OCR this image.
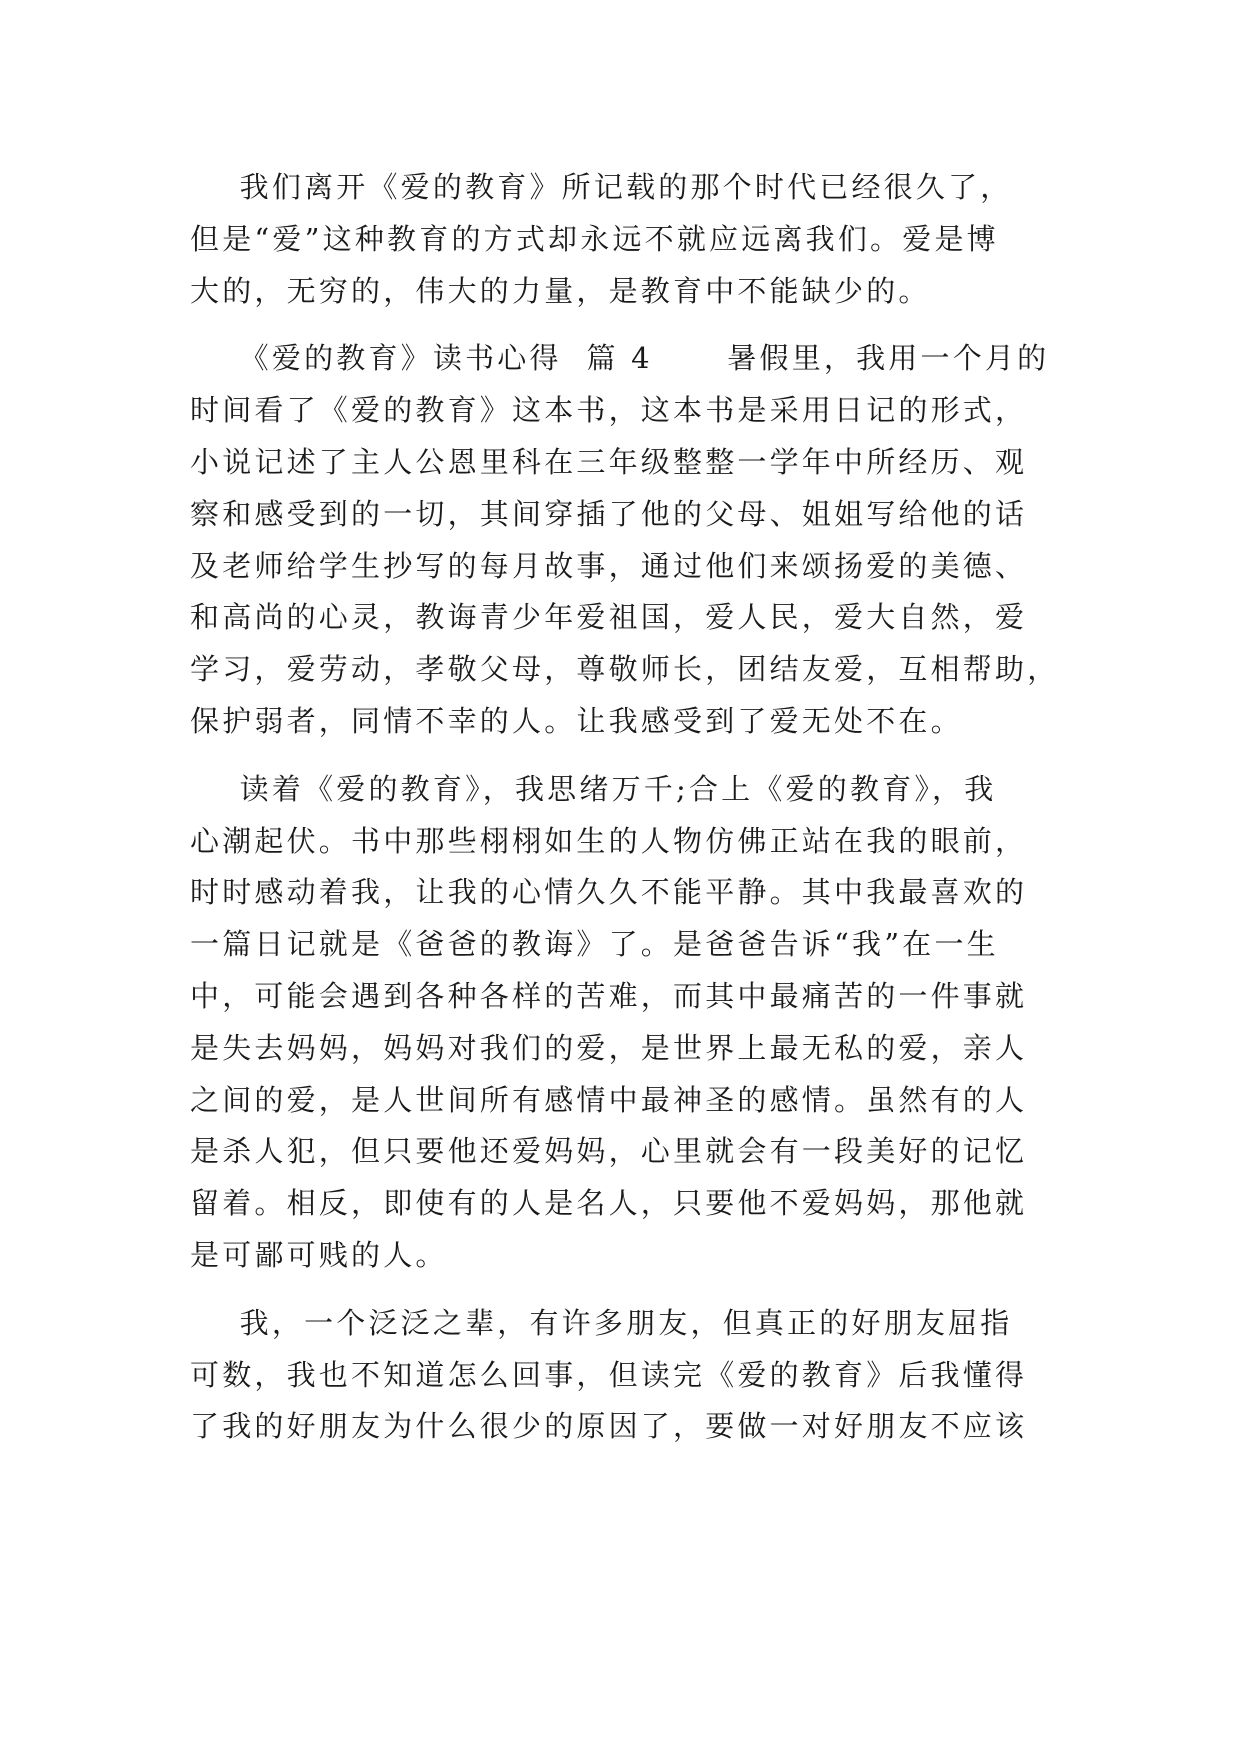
我们离开《爱的教育》所记载的那个时代已经很久了，
但是“爱”这种教育的方式却永远不就应远离我们。爱是博
大的，无穷的，伟大的力量，是教育中不能缺少的。
《爱的教育》读书心得  篇 4      暑假里，我用一个月的
时间看了《爱的教育》这本书，这本书是采用日记的形式，
小说记述了主人公恩里科在三年级整整一学年中所经历、观
察和感受到的一切，其间穿插了他的父母、姐姐写给他的话
及老师给学生抄写的每月故事，通过他们来颂扬爱的美德、
和高尚的心灵，教诲青少年爱祖国，爱人民，爱大自然，爱
学习，爱劳动，孝敬父母，尊敬师长，团结友爱，互相帮助，
保护弱者，同情不幸的人。让我感受到了爱无处不在。
读着《爱的教育》，我思绪万千;合上《爱的教育》，我
心潮起伏。书中那些栩栩如生的人物仿佛正站在我的眼前，
时时感动着我，让我的心情久久不能平静。其中我最喜欢的
一篇日记就是《爸爸的教诲》了。是爸爸告诉“我”在一生
中，可能会遇到各种各样的苦难，而其中最痛苦的一件事就
是失去妈妈，妈妈对我们的爱，是世界上最无私的爱，亲人
之间的爱，是人世间所有感情中最神圣的感情。虽然有的人
是杀人犯，但只要他还爱妈妈，心里就会有一段美好的记忆
留着。相反，即使有的人是名人，只要他不爱妈妈，那他就
是可鄙可贱的人。
我，一个泛泛之辈，有许多朋友，但真正的好朋友屈指
可数，我也不知道怎么回事，但读完《爱的教育》后我懂得
了我的好朋友为什么很少的原因了，要做一对好朋友不应该
